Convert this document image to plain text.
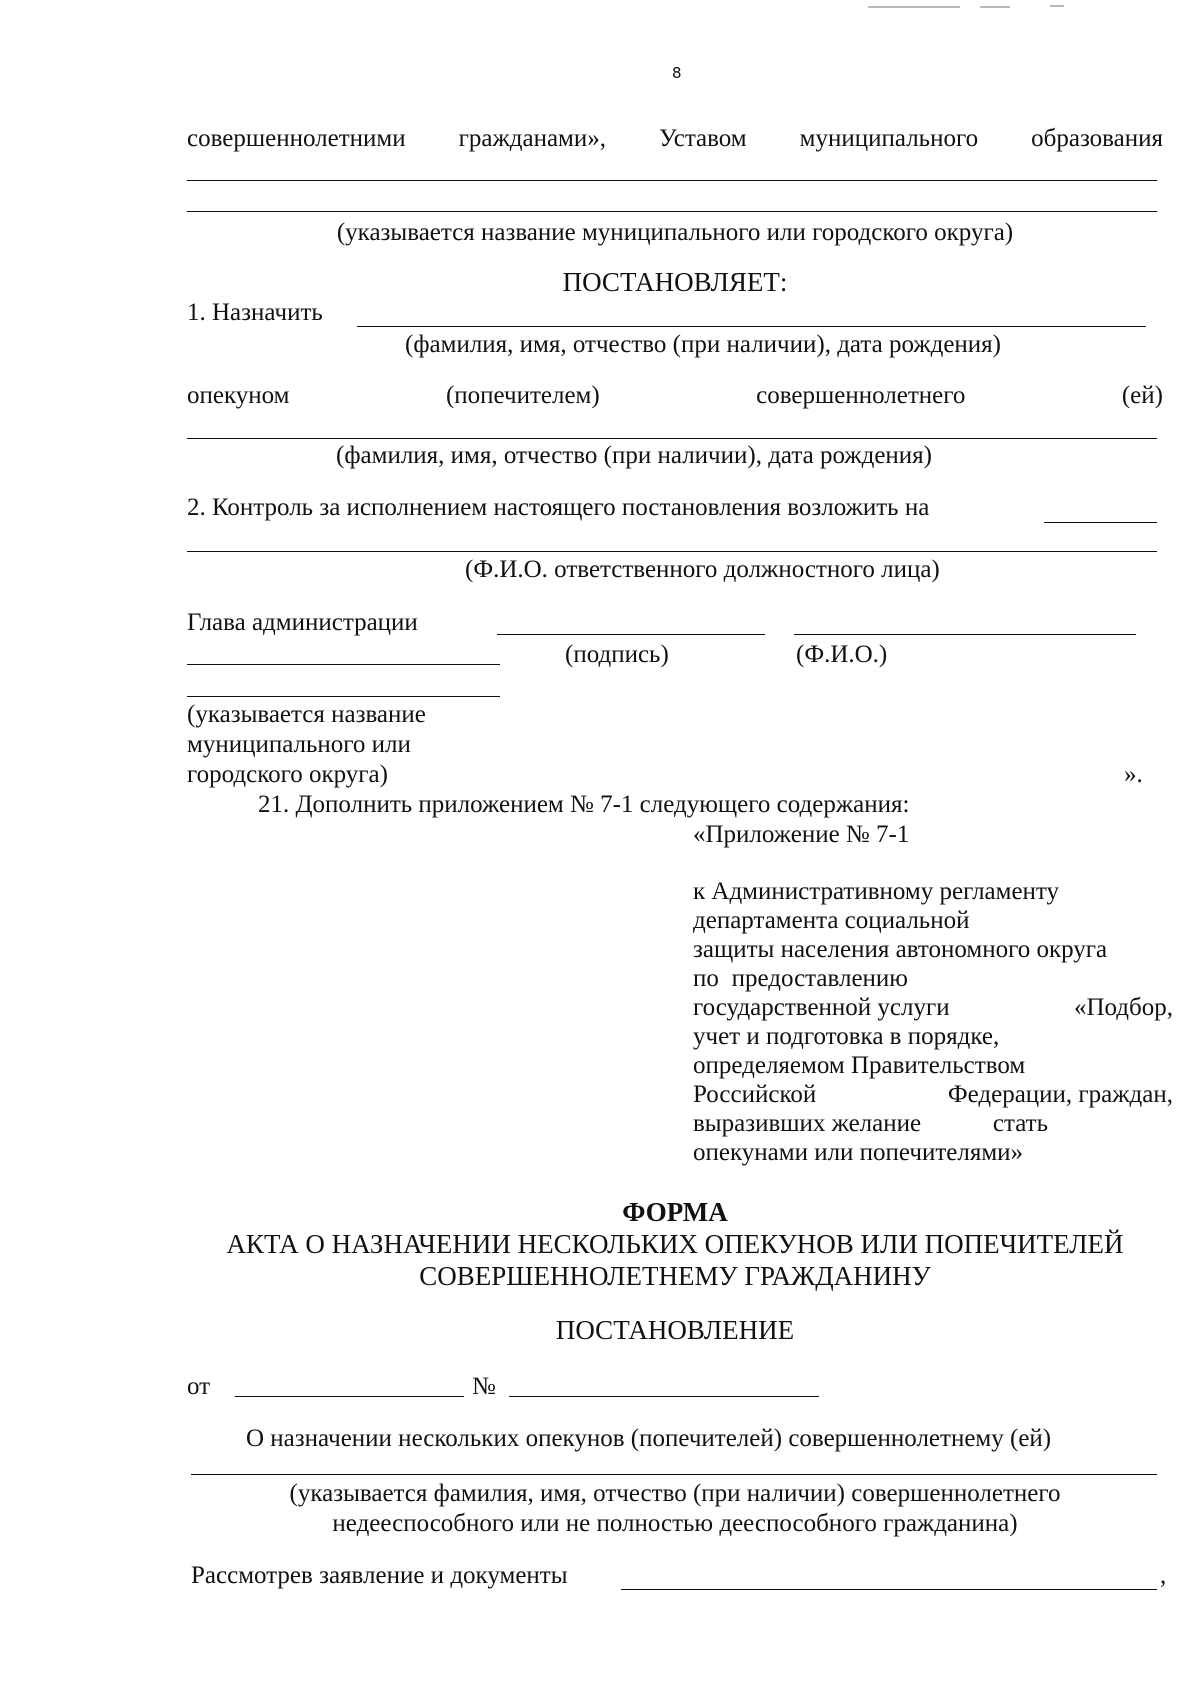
8
совершеннолетними гражданами», Уставом муниципального образования
(указывается название муниципального или городского округа)
ПОСТАНОВЛЯЕТ:
1. Назначить
(фамилия, имя, отчество (при наличии), дата рождения)
опекуном	(попечителем)	совершеннолетнего	(ей)
(фамилия, имя, отчество (при наличии), дата рождения)
2. Контроль за исполнением настоящего постановления возложить на
(Ф.И.О. ответственного должностного лица)
Глава администрации
(подпись)	(Ф.И.О.)
(указывается название
муниципального или
городского округа)	».
21. Дополнить приложением № 7-1 следующего содержания:
«Приложение № 7-1
к Административному регламенту
департамента социальной
защиты населения автономного округа
по предоставлению
государственной услуги	«Подбор,
учет и подготовка в порядке,
определяемом Правительством
Российской	Федерации, граждан,
выразивших желание	стать
опекунами или попечителями»
ФОРМА
АКТА О НАЗНАЧЕНИИ НЕСКОЛЬКИХ ОПЕКУНОВ ИЛИ ПОПЕЧИТЕЛЕЙ
СОВЕРШЕННОЛЕТНЕМУ ГРАЖДАНИНУ
ПОСТАНОВЛЕНИЕ
от	№
О назначении нескольких опекунов (попечителей) совершеннолетнему (ей)
(указывается фамилия, имя, отчество (при наличии) совершеннолетнего
недееспособного или не полностью дееспособного гражданина)
Рассмотрев заявление и документы	,
